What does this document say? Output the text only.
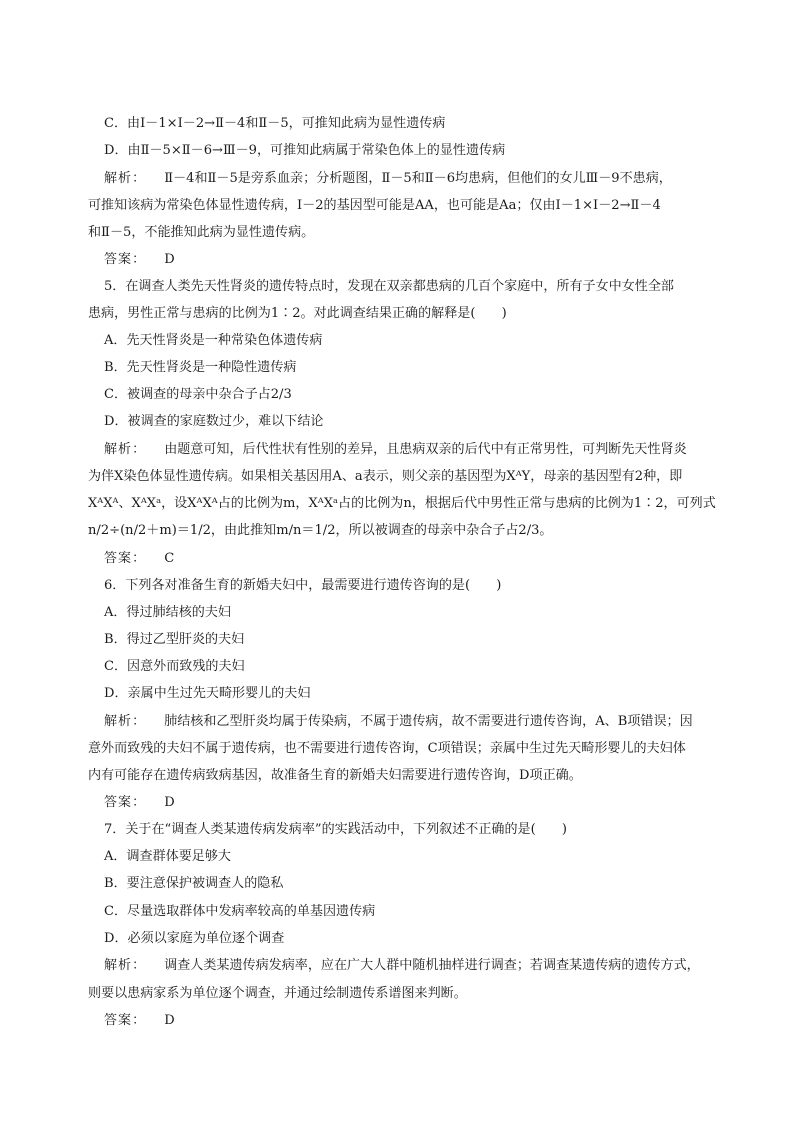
C．由Ⅰ－1×Ⅰ－2→Ⅱ－4和Ⅱ－5，可推知此病为显性遗传病
D．由Ⅱ－5×Ⅱ－6→Ⅲ－9，可推知此病属于常染色体上的显性遗传病
解析： Ⅱ－4和Ⅱ－5是旁系血亲；分析题图，Ⅱ－5和Ⅱ－6均患病，但他们的女儿Ⅲ－9不患病，
可推知该病为常染色体显性遗传病，Ⅰ－2的基因型可能是AA，也可能是Aa；仅由Ⅰ－1×Ⅰ－2→Ⅱ－4
和Ⅱ－5，不能推知此病为显性遗传病。
答案： D
5．在调查人类先天性肾炎的遗传特点时，发现在双亲都患病的几百个家庭中，所有子女中女性全部
患病，男性正常与患病的比例为1∶2。对此调查结果正确的解释是(　　)
A．先天性肾炎是一种常染色体遗传病
B．先天性肾炎是一种隐性遗传病
C．被调查的母亲中杂合子占2/3
D．被调查的家庭数过少，难以下结论
解析： 由题意可知，后代性状有性别的差异，且患病双亲的后代中有正常男性，可判断先天性肾炎
为伴X染色体显性遗传病。如果相关基因用A、a表示，则父亲的基因型为XᴬY，母亲的基因型有2种，即
XᴬXᴬ、XᴬXᵃ，设XᴬXᴬ占的比例为m，XᴬXᵃ占的比例为n，根据后代中男性正常与患病的比例为1∶2，可列式
n/2÷(n/2＋m)＝1/2，由此推知m/n＝1/2，所以被调查的母亲中杂合子占2/3。
答案： C
6．下列各对准备生育的新婚夫妇中，最需要进行遗传咨询的是(　　)
A．得过肺结核的夫妇
B．得过乙型肝炎的夫妇
C．因意外而致残的夫妇
D．亲属中生过先天畸形婴儿的夫妇
解析： 肺结核和乙型肝炎均属于传染病，不属于遗传病，故不需要进行遗传咨询，A、B项错误；因
意外而致残的夫妇不属于遗传病，也不需要进行遗传咨询，C项错误；亲属中生过先天畸形婴儿的夫妇体
内有可能存在遗传病致病基因，故准备生育的新婚夫妇需要进行遗传咨询，D项正确。
答案： D
7．关于在“调查人类某遗传病发病率”的实践活动中，下列叙述不正确的是(　　)
A．调查群体要足够大
B．要注意保护被调查人的隐私
C．尽量选取群体中发病率较高的单基因遗传病
D．必须以家庭为单位逐个调查
解析： 调查人类某遗传病发病率，应在广大人群中随机抽样进行调查；若调查某遗传病的遗传方式，
则要以患病家系为单位逐个调查，并通过绘制遗传系谱图来判断。
答案： D
